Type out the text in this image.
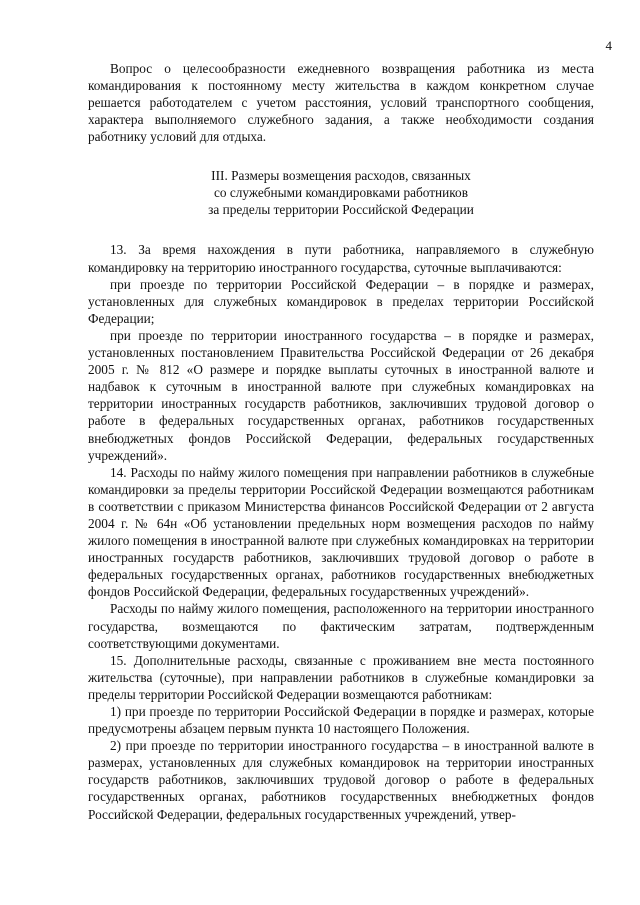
4

Вопрос о целесообразности ежедневного возвращения работника из места командирования к постоянному месту жительства в каждом конкретном случае решается работодателем с учетом расстояния, условий транспортного сообщения, характера выполняемого служебного задания, а также необходимости создания работнику условий для отдыха.

III. Размеры возмещения расходов, связанных
со служебными командировками работников
за пределы территории Российской Федерации

13. За время нахождения в пути работника, направляемого в служебную командировку на территорию иностранного государства, суточные выплачиваются:

при проезде по территории Российской Федерации – в порядке и размерах, установленных для служебных командировок в пределах территории Российской Федерации;

при проезде по территории иностранного государства – в порядке и размерах, установленных постановлением Правительства Российской Федерации от 26 декабря 2005 г. № 812 «О размере и порядке выплаты суточных в иностранной валюте и надбавок к суточным в иностранной валюте при служебных командировках на территории иностранных государств работников, заключивших трудовой договор о работе в федеральных государственных органах, работников государственных внебюджетных фондов Российской Федерации, федеральных государственных учреждений».

14. Расходы по найму жилого помещения при направлении работников в служебные командировки за пределы территории Российской Федерации возмещаются работникам в соответствии с приказом Министерства финансов Российской Федерации от 2 августа 2004 г. № 64н «Об установлении предельных норм возмещения расходов по найму жилого помещения в иностранной валюте при служебных командировках на территории иностранных государств работников, заключивших трудовой договор о работе в федеральных государственных органах, работников государственных внебюджетных фондов Российской Федерации, федеральных государственных учреждений».

Расходы по найму жилого помещения, расположенного на территории иностранного государства, возмещаются по фактическим затратам, подтвержденным соответствующими документами.

15. Дополнительные расходы, связанные с проживанием вне места постоянного жительства (суточные), при направлении работников в служебные командировки за пределы территории Российской Федерации возмещаются работникам:

1) при проезде по территории Российской Федерации в порядке и размерах, которые предусмотрены абзацем первым пункта 10 настоящего Положения.

2) при проезде по территории иностранного государства – в иностранной валюте в размерах, установленных для служебных командировок на территории иностранных государств работников, заключивших трудовой договор о работе в федеральных государственных органах, работников государственных внебюджетных фондов Российской Федерации, федеральных государственных учреждений, утвер-
